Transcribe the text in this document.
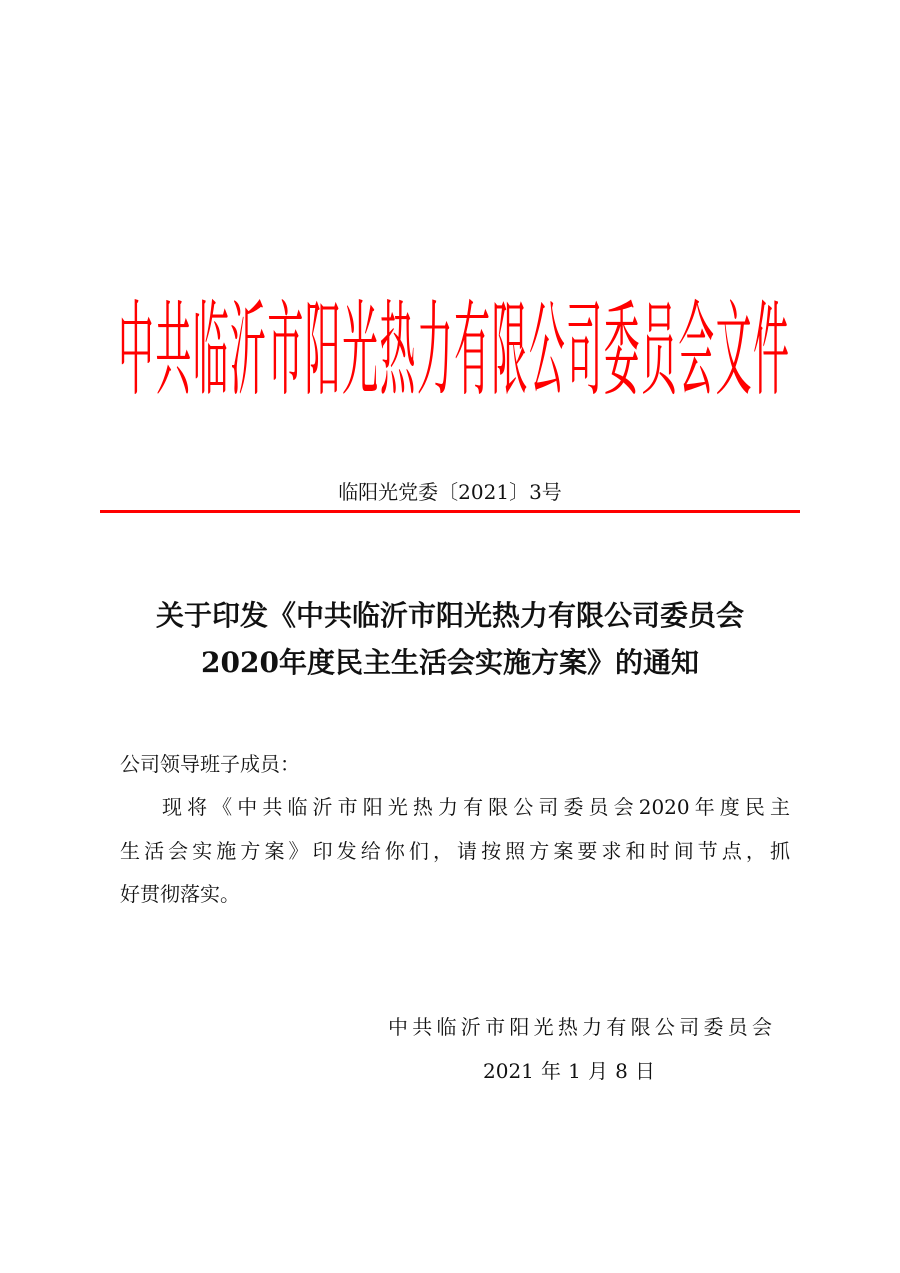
中共临沂市阳光热力有限公司委员会文件
临阳光党委〔2021〕3号
关于印发《中共临沂市阳光热力有限公司委员会
2020年度民主生活会实施方案》的通知
公司领导班子成员：
现将《中共临沂市阳光热力有限公司委员会2020年度民主
生活会实施方案》印发给你们，请按照方案要求和时间节点，抓
好贯彻落实。
中共临沂市阳光热力有限公司委员会
2021年1月8日
